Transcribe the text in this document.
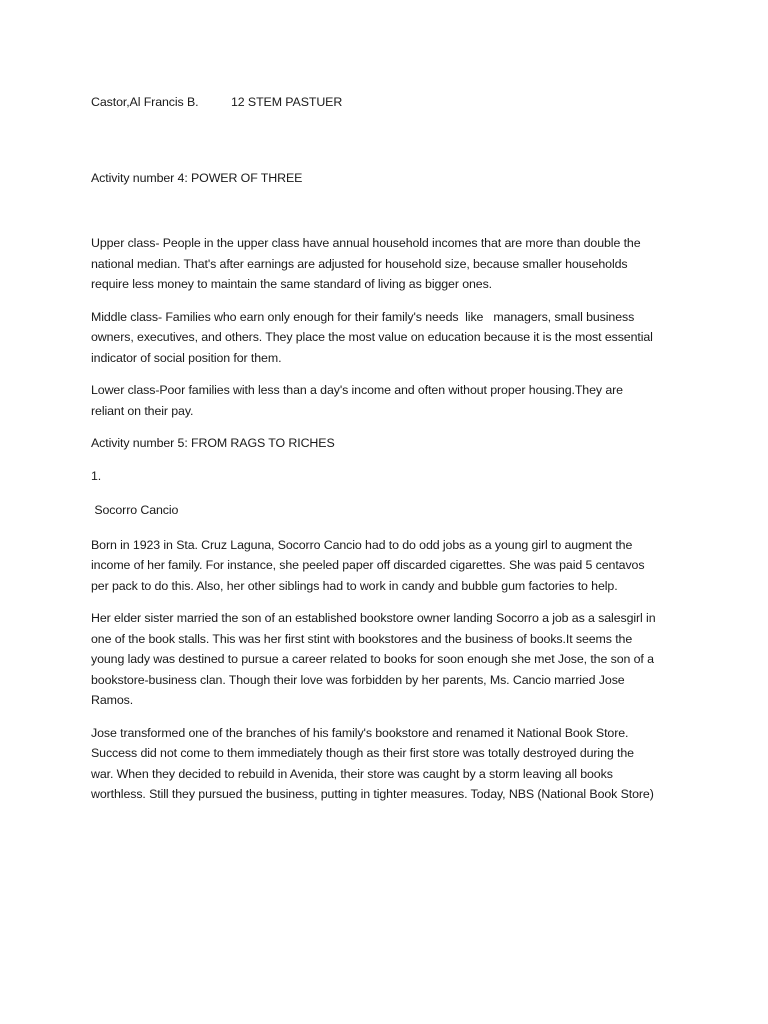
Castor,Al Francis B.	12 STEM PASTUER
Activity number 4: POWER OF THREE
Upper class- People in the upper class have annual household incomes that are more than double the
national median. That's after earnings are adjusted for household size, because smaller households
require less money to maintain the same standard of living as bigger ones.
Middle class- Families who earn only enough for their family's needs  like   managers, small business
owners, executives, and others. They place the most value on education because it is the most essential
indicator of social position for them.
Lower class-Poor families with less than a day's income and often without proper housing.They are
reliant on their pay.
Activity number 5: FROM RAGS TO RICHES
1.
Socorro Cancio
Born in 1923 in Sta. Cruz Laguna, Socorro Cancio had to do odd jobs as a young girl to augment the
income of her family. For instance, she peeled paper off discarded cigarettes. She was paid 5 centavos
per pack to do this. Also, her other siblings had to work in candy and bubble gum factories to help.
Her elder sister married the son of an established bookstore owner landing Socorro a job as a salesgirl in
one of the book stalls. This was her first stint with bookstores and the business of books.It seems the
young lady was destined to pursue a career related to books for soon enough she met Jose, the son of a
bookstore-business clan. Though their love was forbidden by her parents, Ms. Cancio married Jose
Ramos.
Jose transformed one of the branches of his family's bookstore and renamed it National Book Store.
Success did not come to them immediately though as their first store was totally destroyed during the
war. When they decided to rebuild in Avenida, their store was caught by a storm leaving all books
worthless. Still they pursued the business, putting in tighter measures. Today, NBS (National Book Store)
